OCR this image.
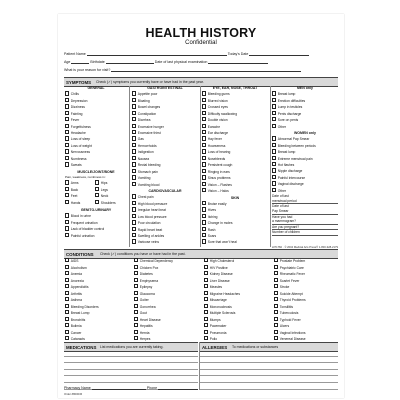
HEALTH HISTORY
Confidential
Patient Name	Today's Date
Age	Birthdate	Date of last physical examination
What is your reason for visit?
SYMPTOMS Check (✓) symptoms you currently have or have had in the past year.
GENERAL
Chills
Depression
Dizziness
Fainting
Fever
Forgetfulness
Headache
Loss of sleep
Loss of weight
Nervousness
Numbness
Sweats
MUSCLE/JOINT/BONE
Pain, weakness, numbness in:
Arms	Hips
Back	Legs
Feet	Neck
Hands	Shoulders
GENITO-URINARY
Blood in urine
Frequent urination
Lack of bladder control
Painful urination
GASTROINTESTINAL
Appetite poor
Bloating
Bowel changes
Constipation
Diarrhea
Excessive hunger
Excessive thirst
Gas
Hemorrhoids
Indigestion
Nausea
Rectal bleeding
Stomach pain
Vomiting
Vomiting blood
CARDIOVASCULAR
Chest pain
High blood pressure
Irregular heart beat
Low blood pressure
Poor circulation
Rapid heart beat
Swelling of ankles
Varicose veins
EYE, EAR, NOSE, THROAT
Bleeding gums
Blurred vision
Crossed eyes
Difficulty swallowing
Double vision
Earache
Ear discharge
Hay fever
Hoarseness
Loss of hearing
Nosebleeds
Persistent cough
Ringing in ears
Sinus problems
Vision – Flashes
Vision – Halos
SKIN
Bruise easily
Hives
Itching
Change in moles
Rash
Scars
Sore that won't heal
MEN only
Breast lump
Erection difficulties
Lump in testicles
Penis discharge
Sore on penis
Other
WOMEN only
Abnormal Pap Smear
Bleeding between periods
Breast lump
Extreme menstrual pain
Hot flashes
Nipple discharge
Painful intercourse
Vaginal discharge
Other
Date of last
menstrual period
Date of last
Pap Smear
Have you had
a mammogram?
Are you pregnant?
Number of children
CONDITIONS Check (✓) conditions you have or have had in the past.
AIDS
Alcoholism
Anemia
Anorexia
Appendicitis
Arthritis
Asthma
Bleeding Disorders
Breast Lump
Bronchitis
Bulimia
Cancer
Cataracts
Chemical Dependency
Chicken Pox
Diabetes
Emphysema
Epilepsy
Glaucoma
Goiter
Gonorrhea
Gout
Heart Disease
Hepatitis
Hernia
Herpes
High Cholesterol
HIV Positive
Kidney Disease
Liver Disease
Measles
Migraine Headaches
Miscarriage
Mononucleosis
Multiple Sclerosis
Mumps
Pacemaker
Pneumonia
Polio
Prostate Problem
Psychiatric Care
Rheumatic Fever
Scarlet Fever
Stroke
Suicide Attempt
Thyroid Problems
Tonsillitis
Tuberculosis
Typhoid Fever
Ulcers
Vaginal Infections
Venereal Disease
MEDICATIONS List medications you are currently taking.	ALLERGIES To medications or substances
Pharmacy Name	Phone
Order #800036
HI71782 · © 2004 Medical Arts Press® 1-800-328-2179
